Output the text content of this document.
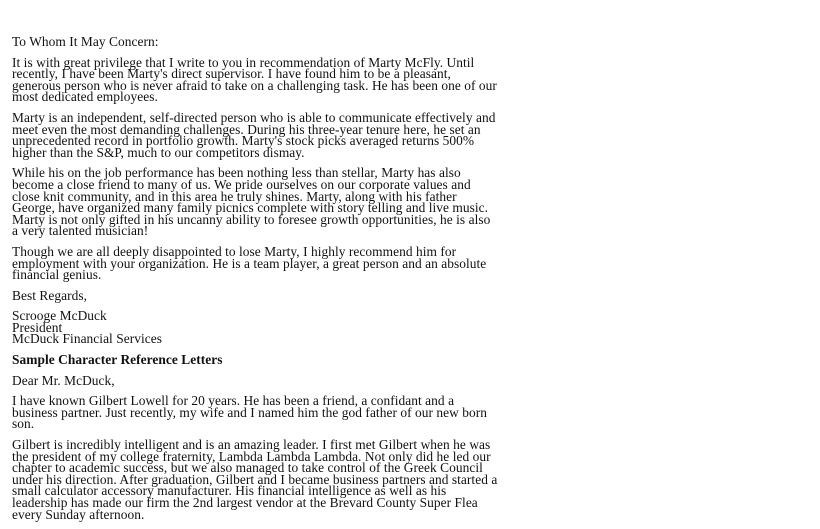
To Whom It May Concern:

It is with great privilege that I write to you in recommendation of Marty McFly. Until
recently, I have been Marty's direct supervisor. I have found him to be a pleasant,
generous person who is never afraid to take on a challenging task. He has been one of our
most dedicated employees.

Marty is an independent, self-directed person who is able to communicate effectively and
meet even the most demanding challenges. During his three-year tenure here, he set an
unprecedented record in portfolio growth. Marty's stock picks averaged returns 500%
higher than the S&P, much to our competitors dismay.

While his on the job performance has been nothing less than stellar, Marty has also
become a close friend to many of us. We pride ourselves on our corporate values and
close knit community, and in this area he truly shines. Marty, along with his father
George, have organized many family picnics complete with story telling and live music.
Marty is not only gifted in his uncanny ability to foresee growth opportunities, he is also
a very talented musician!

Though we are all deeply disappointed to lose Marty, I highly recommend him for
employment with your organization. He is a team player, a great person and an absolute
financial genius.

Best Regards,

Scrooge McDuck
President
McDuck Financial Services

Sample Character Reference Letters

Dear Mr. McDuck,

I have known Gilbert Lowell for 20 years. He has been a friend, a confidant and a
business partner. Just recently, my wife and I named him the god father of our new born
son.

Gilbert is incredibly intelligent and is an amazing leader. I first met Gilbert when he was
the president of my college fraternity, Lambda Lambda Lambda. Not only did he led our
chapter to academic success, but we also managed to take control of the Greek Council
under his direction. After graduation, Gilbert and I became business partners and started a
small calculator accessory manufacturer. His financial intelligence as well as his
leadership has made our firm the 2nd largest vendor at the Brevard County Super Flea
every Sunday afternoon.
